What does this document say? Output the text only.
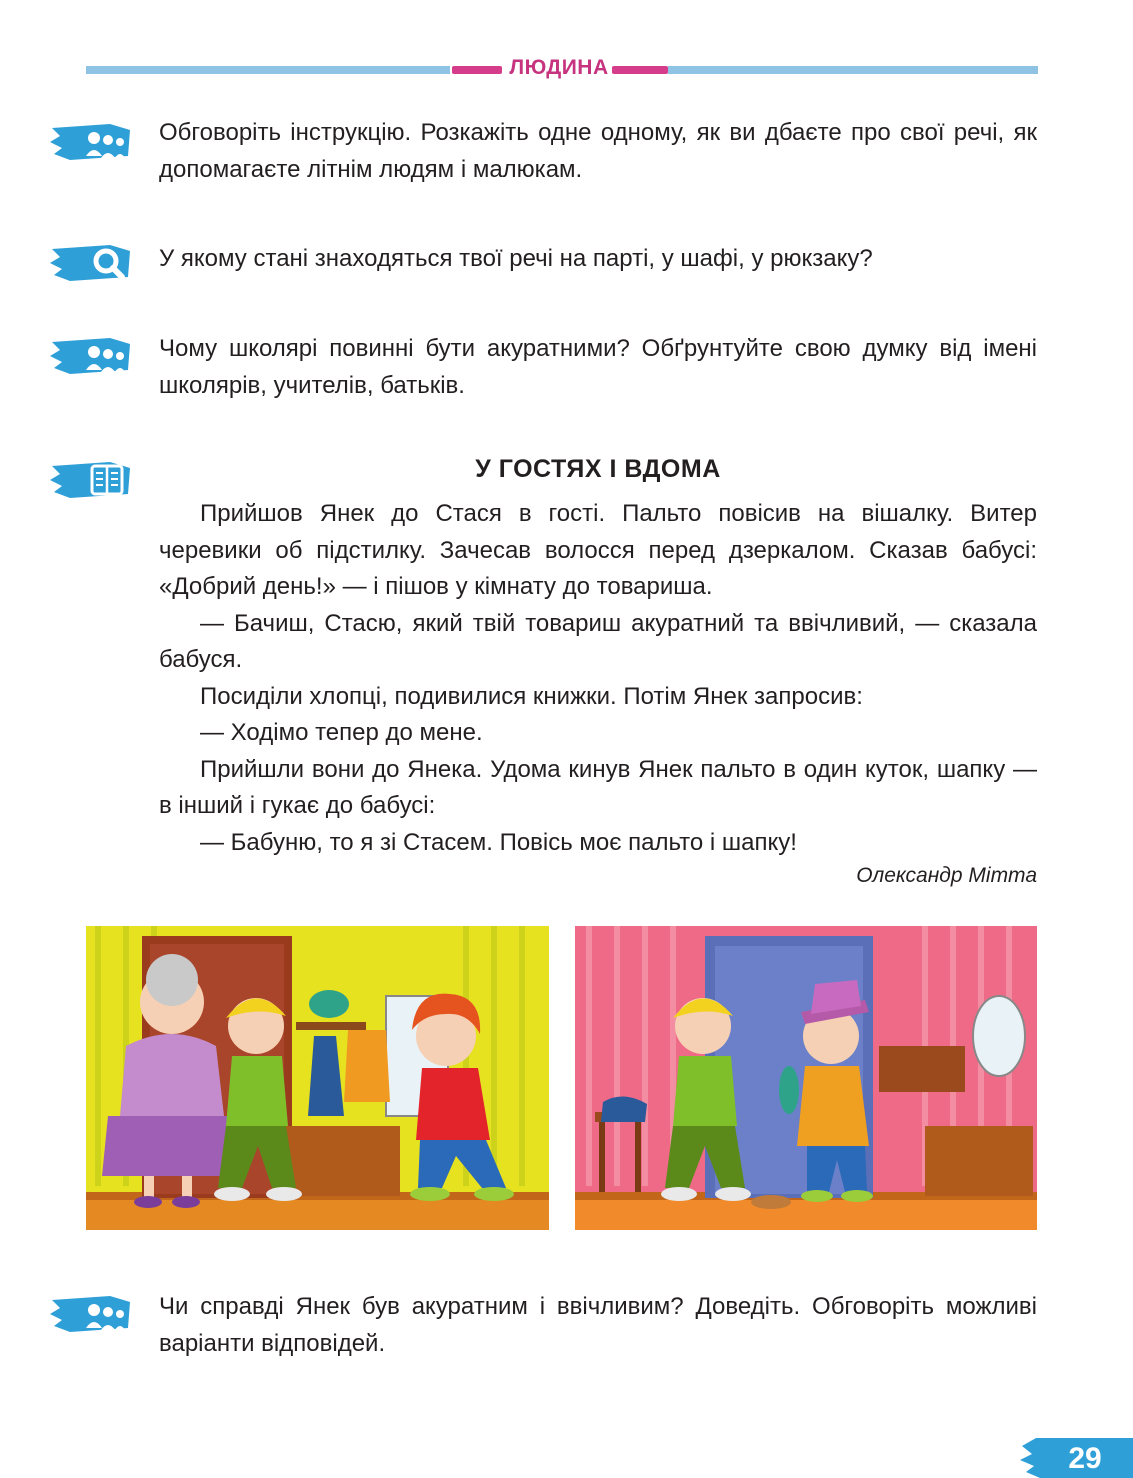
ЛЮДИНА

Обговоріть інструкцію. Розкажіть одне одному, як ви дбаєте про свої речі, як допомагаєте літнім людям і малюкам.

У якому стані знаходяться твої речі на парті, у шафі, у рюкзаку?

Чому школярі повинні бути акуратними? Обґрунтуйте свою думку від імені школярів, учителів, батьків.

У ГОСТЯХ І ВДОМА

Прийшов Янек до Стася в гості. Пальто повісив на вішалку. Витер черевики об підстилку. Зачесав волосся перед дзеркалом. Сказав бабусі: «Добрий день!» — і пішов у кімнату до товариша.

— Бачиш, Стасю, який твій товариш акуратний та ввічливий, — сказала бабуся.

Посиділи хлопці, подивилися книжки. Потім Янек запросив:

— Ходімо тепер до мене.

Прийшли вони до Янека. Удома кинув Янек пальто в один куток, шапку — в інший і гукає до бабусі:

— Бабуню, то я зі Стасем. Повісь моє пальто і шапку!

Олександр Мітта

Чи справді Янек був акуратним і ввічливим? Доведіть. Обговоріть можливі варіанти відповідей.

29
